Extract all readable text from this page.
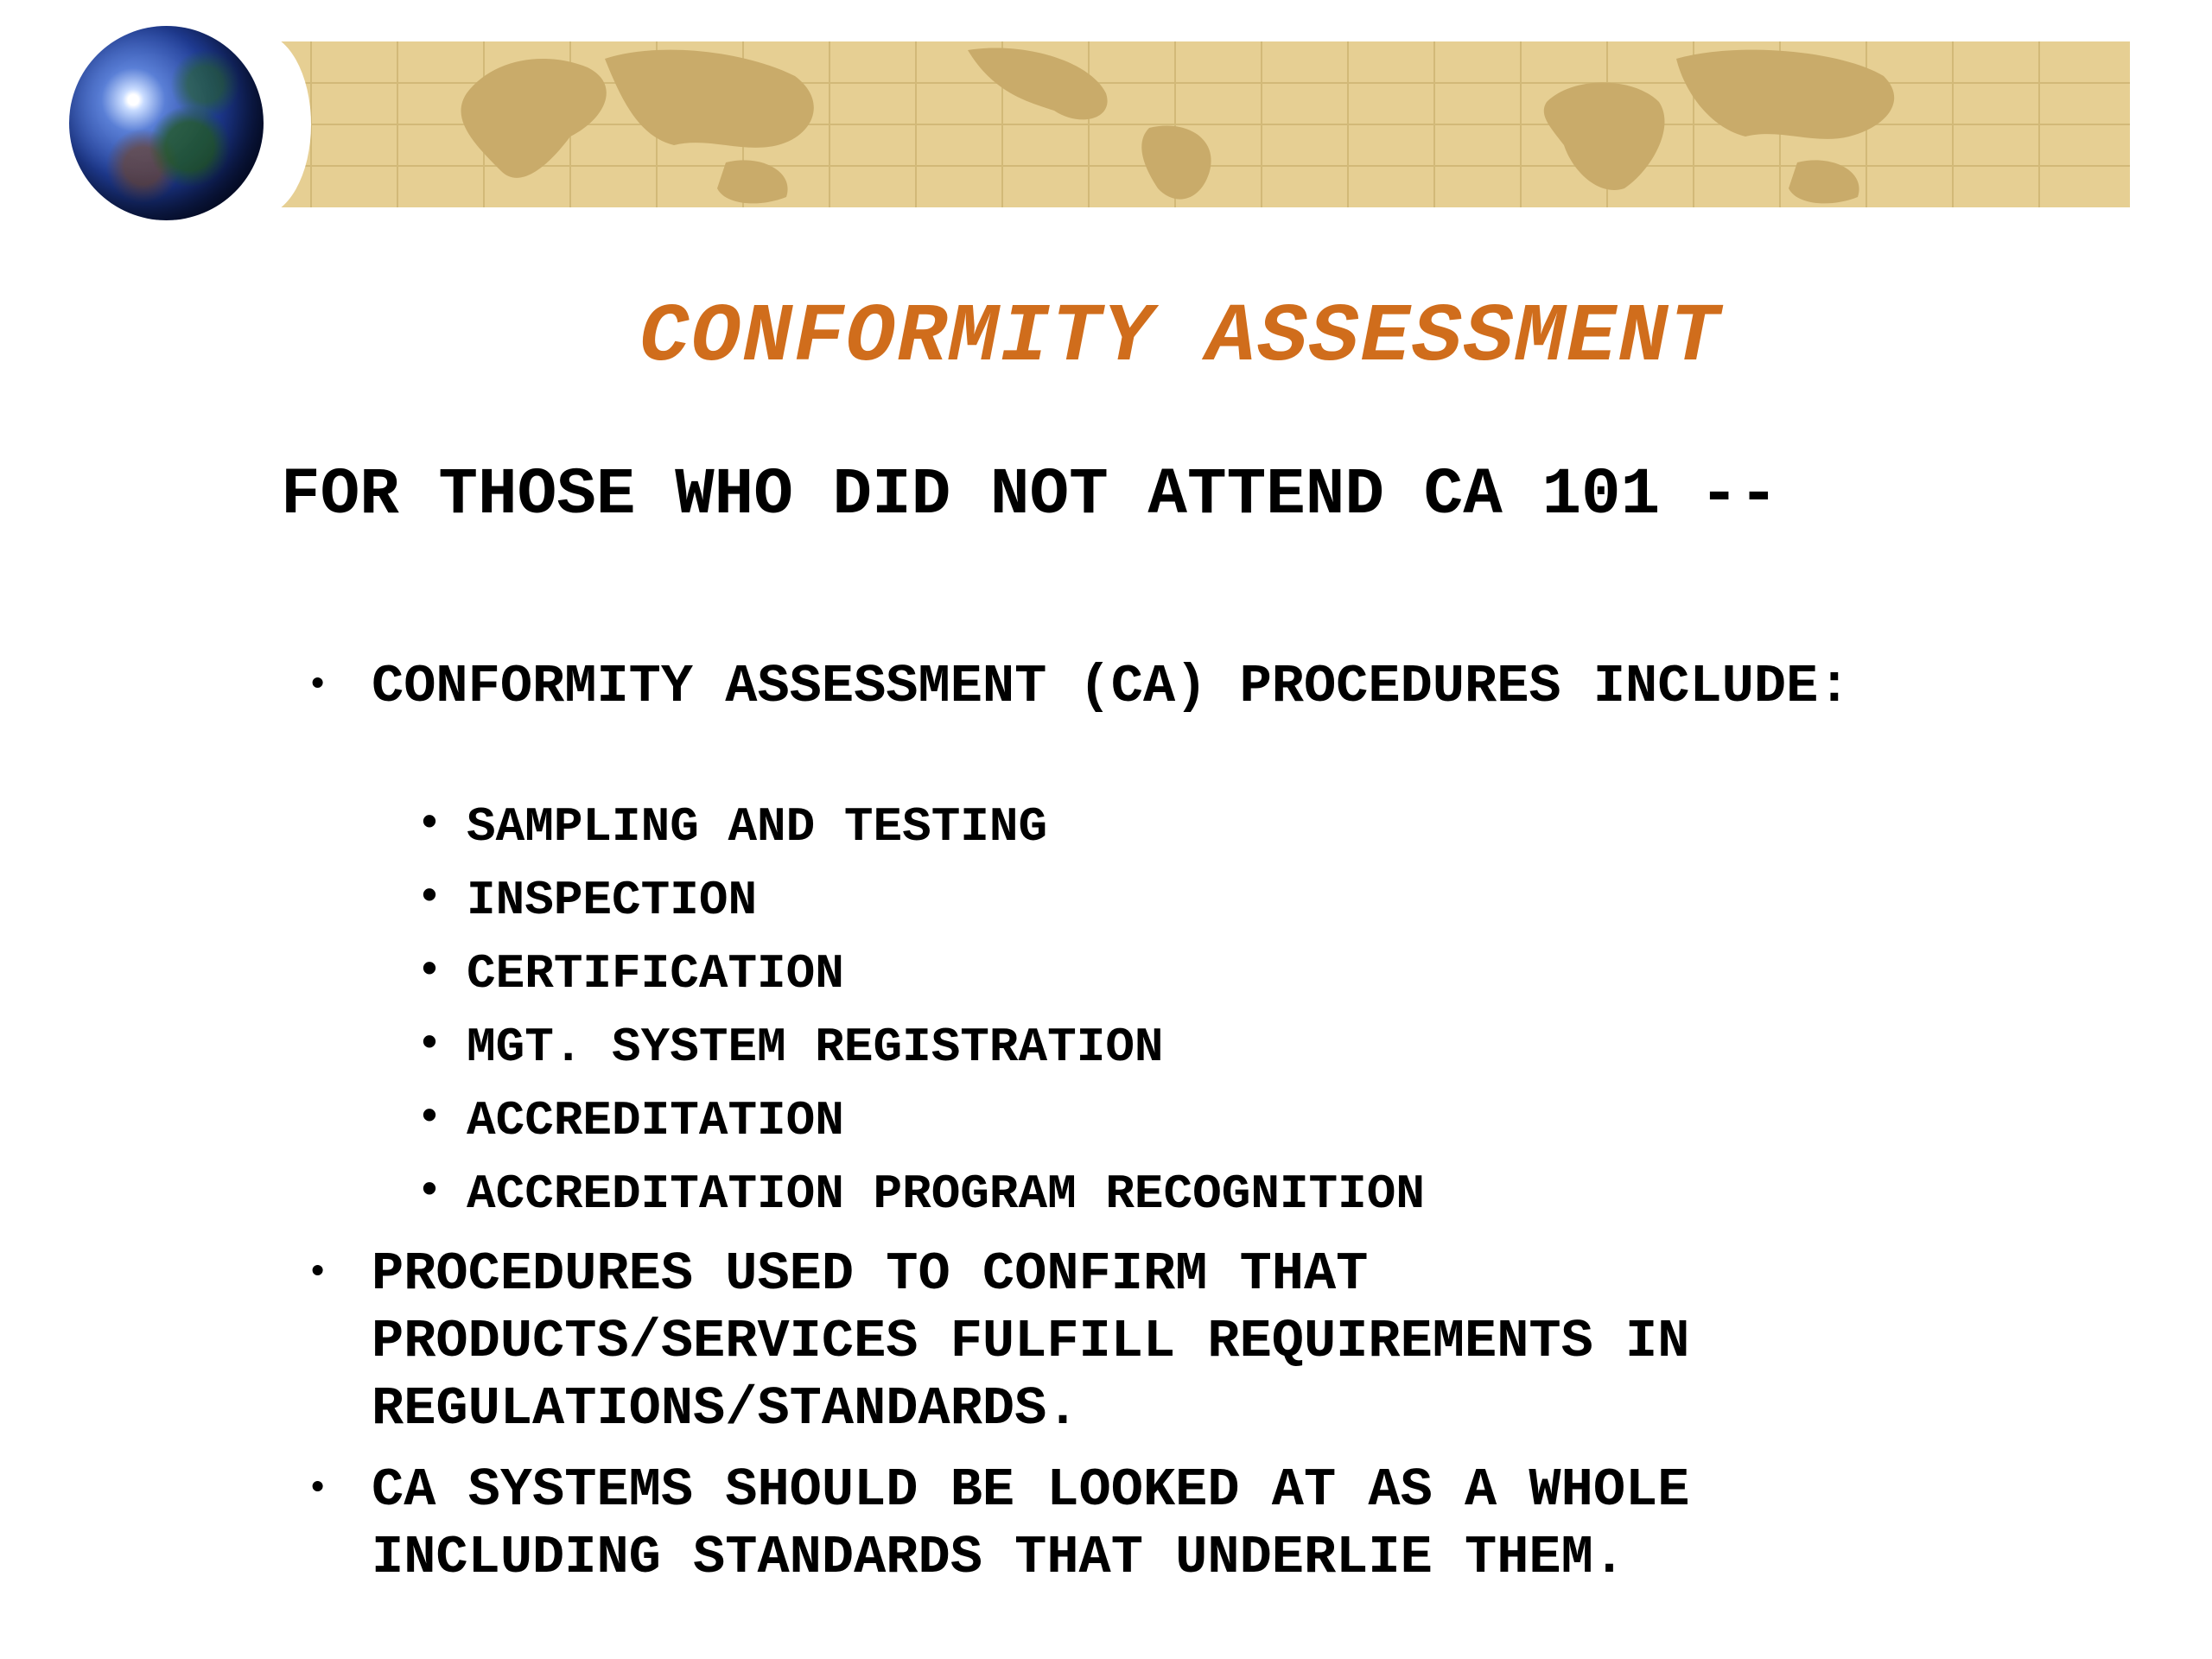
CONFORMITY ASSESSMENT
FOR THOSE WHO DID NOT ATTEND CA 101 --
• CONFORMITY ASSESSMENT (CA) PROCEDURES INCLUDE:
• SAMPLING AND TESTING
• INSPECTION
• CERTIFICATION
• MGT. SYSTEM REGISTRATION
• ACCREDITATION
• ACCREDITATION PROGRAM RECOGNITION
• PROCEDURES USED TO CONFIRM THAT PRODUCTS/SERVICES FULFILL REQUIREMENTS IN REGULATIONS/STANDARDS.
• CA SYSTEMS SHOULD BE LOOKED AT AS A WHOLE INCLUDING STANDARDS THAT UNDERLIE THEM.
